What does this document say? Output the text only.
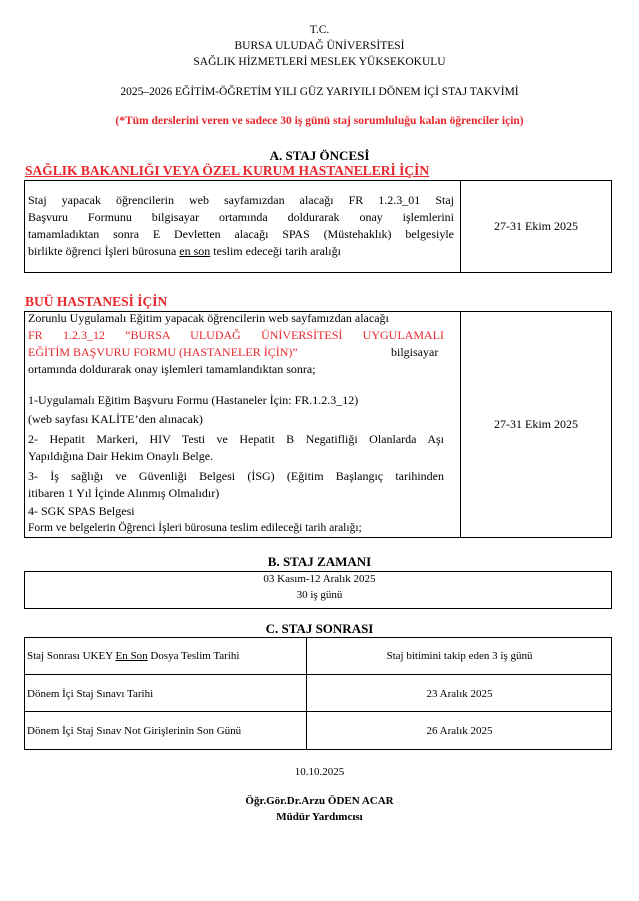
T.C.
BURSA ULUDAĞ ÜNİVERSİTESİ
SAĞLIK HİZMETLERİ MESLEK YÜKSEKOKULU
2025–2026 EĞİTİM-ÖĞRETİM YILI GÜZ YARIYILI DÖNEM İÇİ STAJ TAKVİMİ
(*Tüm derslerini veren ve sadece 30 iş günü staj sorumluluğu kalan öğrenciler için)
A. STAJ ÖNCESİ
SAĞLIK BAKANLIĞI VEYA ÖZEL KURUM HASTANELERİ İÇİN
Staj yapacak öğrencilerin web sayfamızdan alacağı FR 1.2.3_01 Staj
Başvuru Formunu bilgisayar ortamında doldurarak onay işlemlerini
tamamladıktan sonra E Devletten alacağı SPAS (Müstehaklık) belgesiyle
birlikte öğrenci İşleri bürosuna en son teslim edeceği tarih aralığı
27-31 Ekim 2025
BUÜ HASTANESİ İÇİN
Zorunlu Uygulamalı Eğitim yapacak öğrencilerin web sayfamızdan alacağı
FR 1.2.3_12 “BURSA ULUDAĞ ÜNİVERSİTESİ UYGULAMALI
EĞİTİM BAŞVURU FORMU (HASTANELER İÇİN)”	bilgisayar
ortamında doldurarak onay işlemleri tamamlandıktan sonra;
1-Uygulamalı Eğitim Başvuru Formu (Hastaneler İçin: FR.1.2.3_12)
(web sayfası KALİTE’den alınacak)
2- Hepatit Markeri, HIV Testi ve Hepatit B Negatifliği Olanlarda Aşı
Yapıldığına Dair Hekim Onaylı Belge.
3- İş sağlığı ve Güvenliği Belgesi (İSG) (Eğitim Başlangıç tarihinden
itibaren 1 Yıl İçinde Alınmış Olmalıdır)
4- SGK SPAS Belgesi
Form ve belgelerin Öğrenci İşleri bürosuna teslim edileceği tarih aralığı;
27-31 Ekim 2025
B. STAJ ZAMANI
03 Kasım-12 Aralık 2025
30 iş günü
C. STAJ SONRASI
Staj Sonrası UKEY En Son Dosya Teslim Tarihi	Staj bitimini takip eden 3 iş günü
Dönem İçi Staj Sınavı Tarihi	23 Aralık 2025
Dönem İçi Staj Sınav Not Girişlerinin Son Günü	26 Aralık 2025
10.10.2025
Öğr.Gör.Dr.Arzu ÖDEN ACAR
Müdür Yardımcısı
